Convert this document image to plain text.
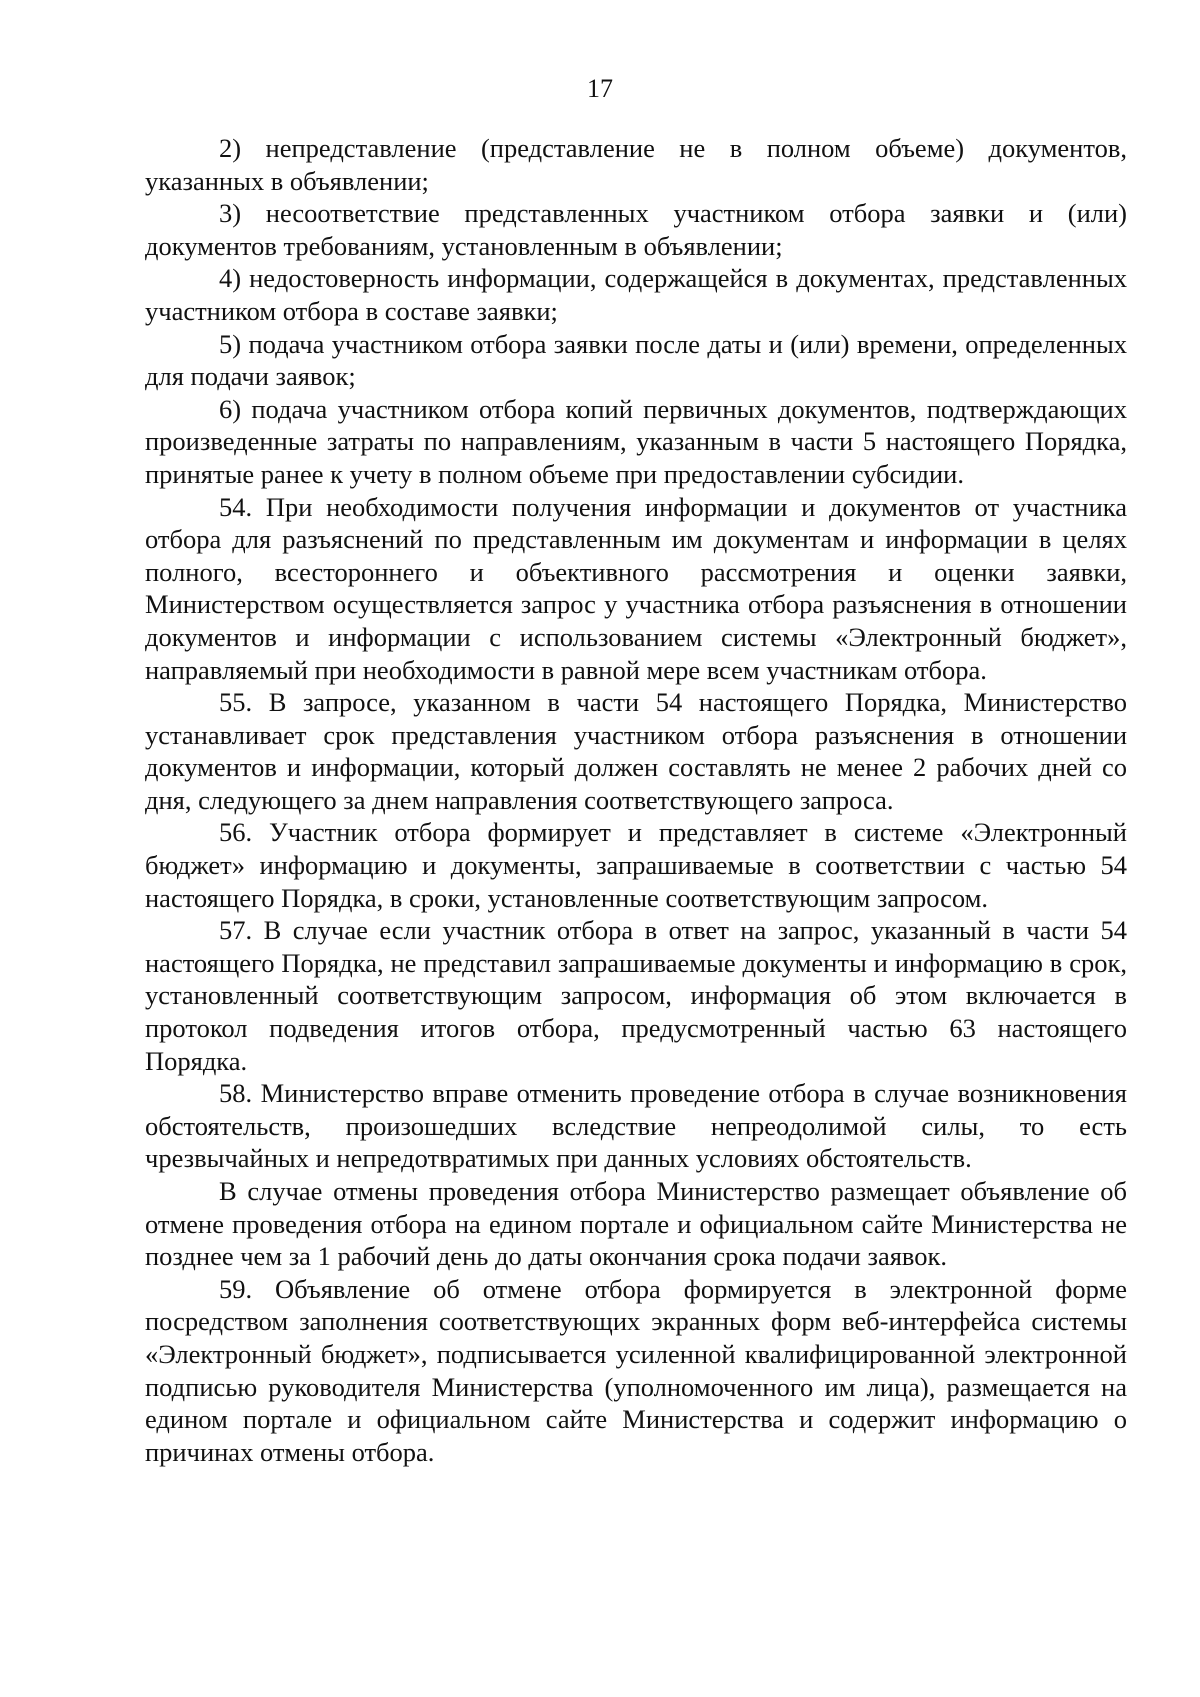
17

2) непредставление (представление не в полном объеме) документов, указанных в объявлении;

3) несоответствие представленных участником отбора заявки и (или) документов требованиям, установленным в объявлении;

4) недостоверность информации, содержащейся в документах, представленных участником отбора в составе заявки;

5) подача участником отбора заявки после даты и (или) времени, определенных для подачи заявок;

6) подача участником отбора копий первичных документов, подтверждающих произведенные затраты по направлениям, указанным в части 5 настоящего Порядка, принятые ранее к учету в полном объеме при предоставлении субсидии.

54. При необходимости получения информации и документов от участника отбора для разъяснений по представленным им документам и информации в целях полного, всестороннего и объективного рассмотрения и оценки заявки, Министерством осуществляется запрос у участника отбора разъяснения в отношении документов и информации с использованием системы «Электронный бюджет», направляемый при необходимости в равной мере всем участникам отбора.

55. В запросе, указанном в части 54 настоящего Порядка, Министерство устанавливает срок представления участником отбора разъяснения в отношении документов и информации, который должен составлять не менее 2 рабочих дней со дня, следующего за днем направления соответствующего запроса.

56. Участник отбора формирует и представляет в системе «Электронный бюджет» информацию и документы, запрашиваемые в соответствии с частью 54 настоящего Порядка, в сроки, установленные соответствующим запросом.

57. В случае если участник отбора в ответ на запрос, указанный в части 54 настоящего Порядка, не представил запрашиваемые документы и информацию в срок, установленный соответствующим запросом, информация об этом включается в протокол подведения итогов отбора, предусмотренный частью 63 настоящего Порядка.

58. Министерство вправе отменить проведение отбора в случае возникновения обстоятельств, произошедших вследствие непреодолимой силы, то есть чрезвычайных и непредотвратимых при данных условиях обстоятельств.

В случае отмены проведения отбора Министерство размещает объявление об отмене проведения отбора на едином портале и официальном сайте Министерства не позднее чем за 1 рабочий день до даты окончания срока подачи заявок.

59. Объявление об отмене отбора формируется в электронной форме посредством заполнения соответствующих экранных форм веб-интерфейса системы «Электронный бюджет», подписывается усиленной квалифицированной электронной подписью руководителя Министерства (уполномоченного им лица), размещается на едином портале и официальном сайте Министерства и содержит информацию о причинах отмены отбора.
